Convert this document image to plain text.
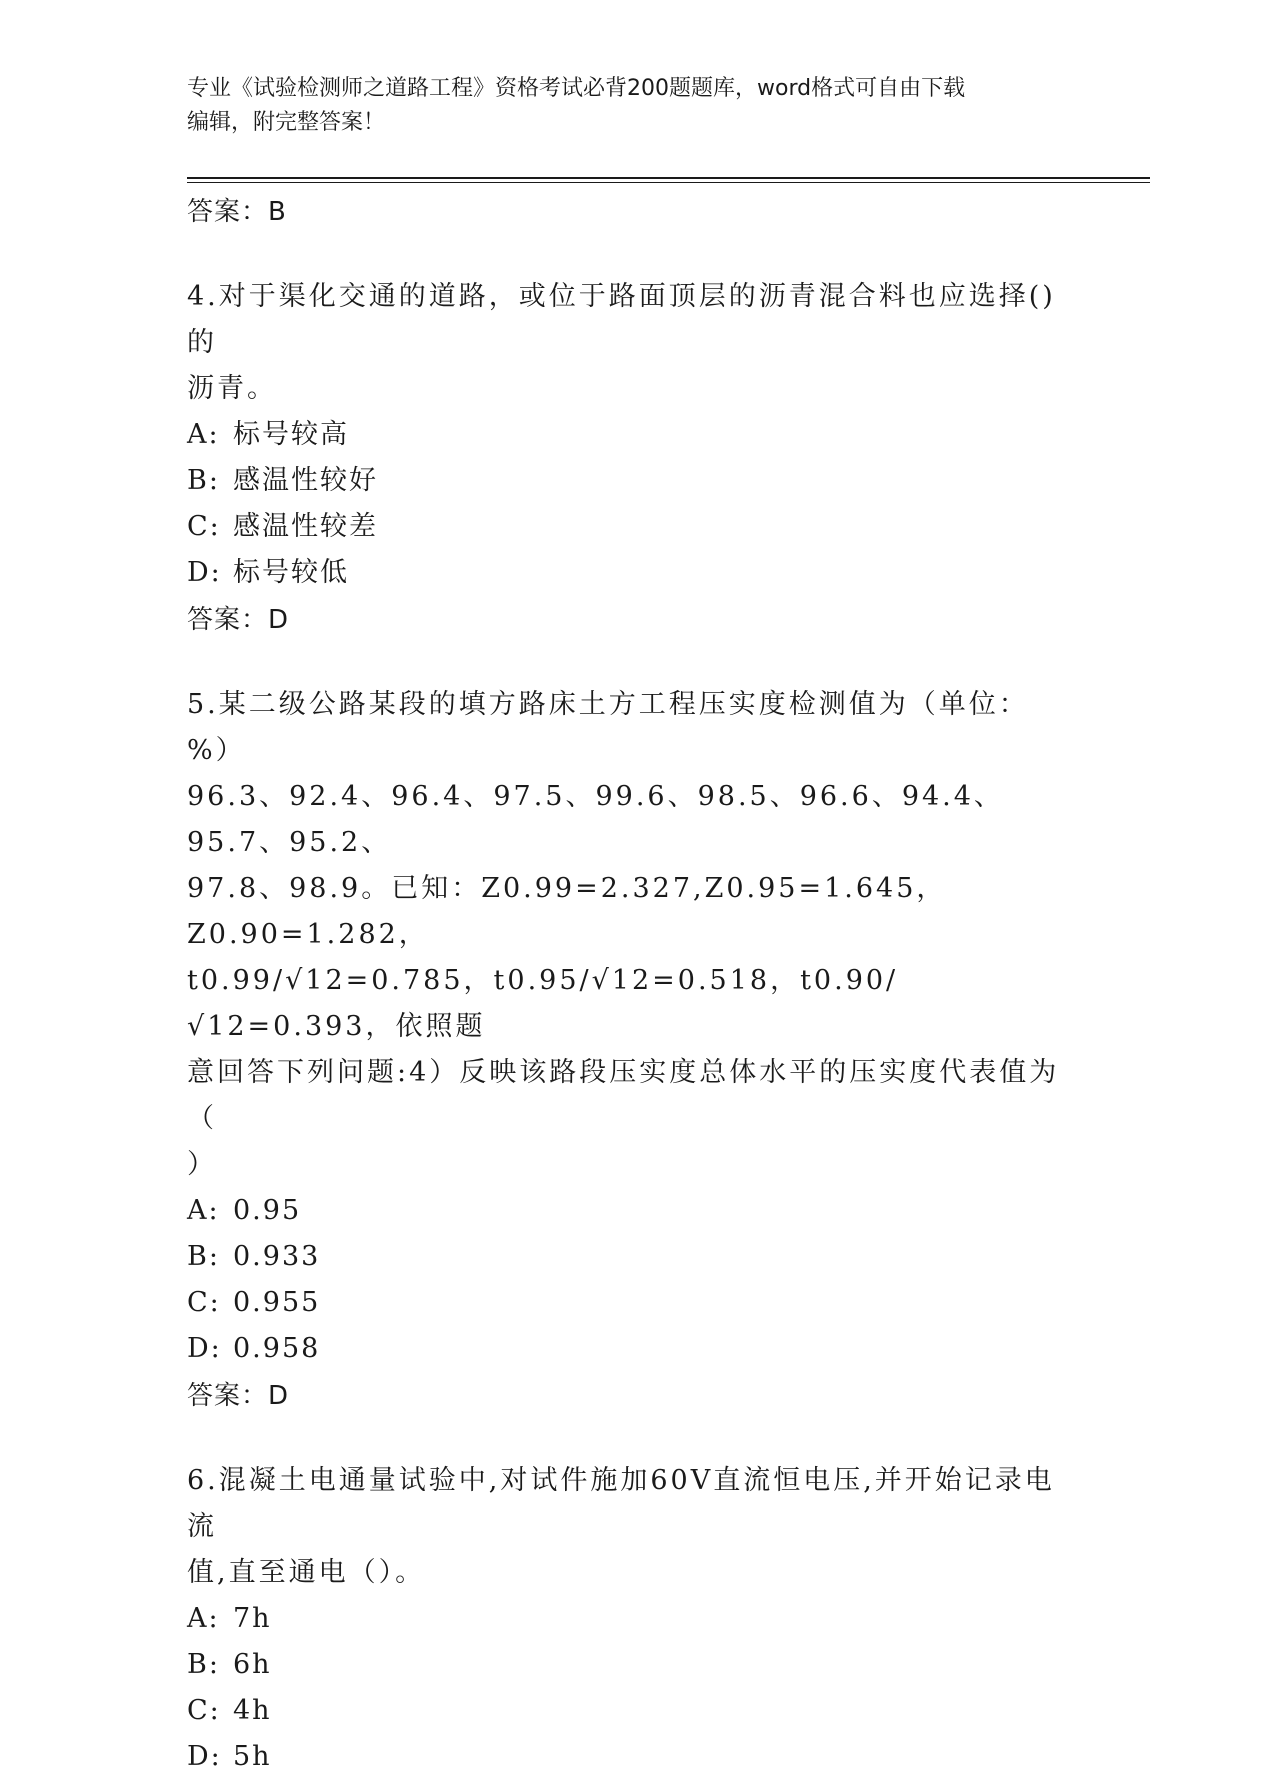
专业《试验检测师之道路工程》资格考试必背200题题库，word格式可自由下载
编辑，附完整答案！
答案：B
4.对于渠化交通的道路，或位于路面顶层的沥青混合料也应选择()的
沥青。
A: 标号较高
B: 感温性较好
C: 感温性较差
D: 标号较低
答案：D
5.某二级公路某段的填方路床土方工程压实度检测值为（单位：%）
96.3、92.4、96.4、97.5、99.6、98.5、96.6、94.4、95.7、95.2、
97.8、98.9。已知：Z0.99=2.327,Z0.95=1.645，Z0.90=1.282，
t0.99/√12=0.785，t0.95/√12=0.518，t0.90/√12=0.393，依照题
意回答下列问题:4）反映该路段压实度总体水平的压实度代表值为（
）
A: 0.95
B: 0.933
C: 0.955
D: 0.958
答案：D
6.混凝土电通量试验中,对试件施加60V直流恒电压,并开始记录电流
值,直至通电（）。
A: 7h
B: 6h
C: 4h
D: 5h
